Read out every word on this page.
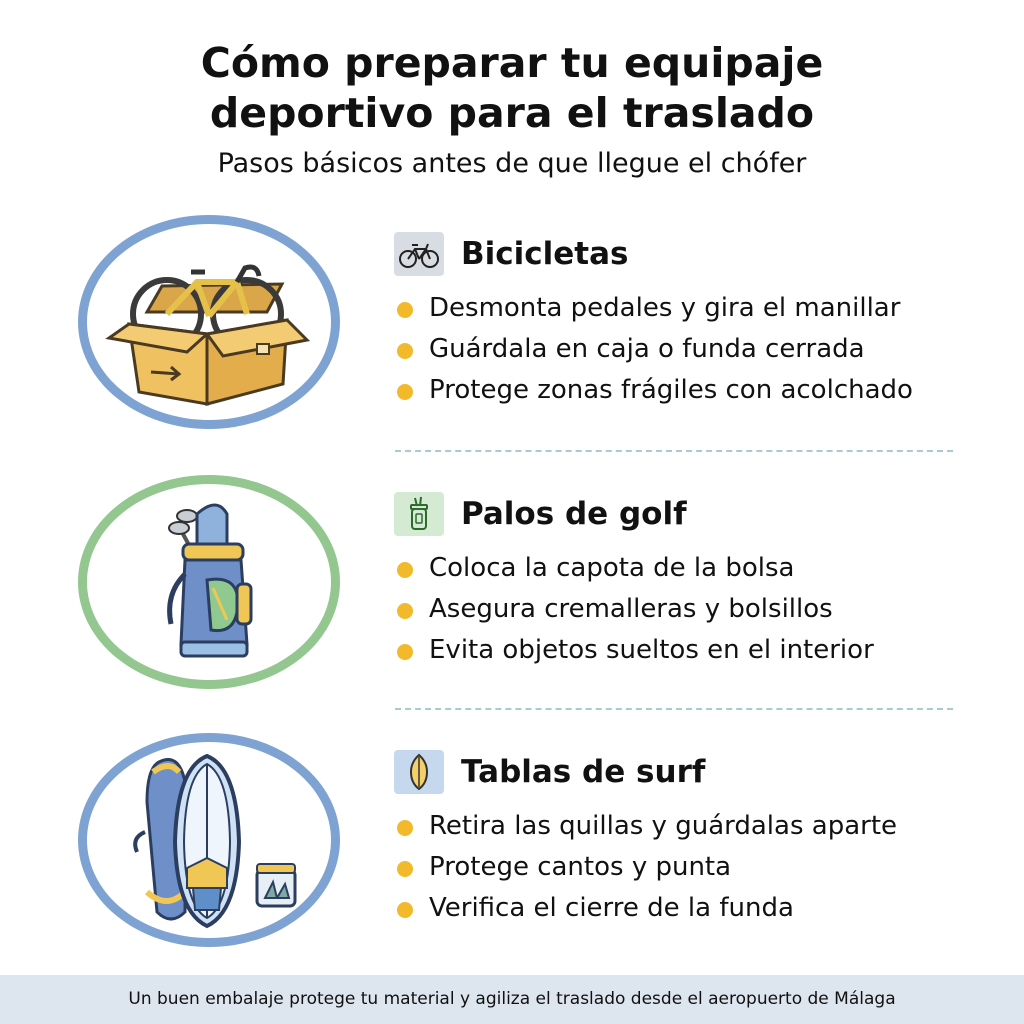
Cómo preparar tu equipaje
deportivo para el traslado

Pasos básicos antes de que llegue el chófer

Bicicletas
Desmonta pedales y gira el manillar
Guárdala en caja o funda cerrada
Protege zonas frágiles con acolchado
Palos de golf
Coloca la capota de la bolsa
Asegura cremalleras y bolsillos
Evita objetos sueltos en el interior
Tablas de surf
Retira las quillas y guárdalas aparte
Protege cantos y punta
Verifica el cierre de la funda
Un buen embalaje protege tu material y agiliza el traslado desde el aeropuerto de Málaga
